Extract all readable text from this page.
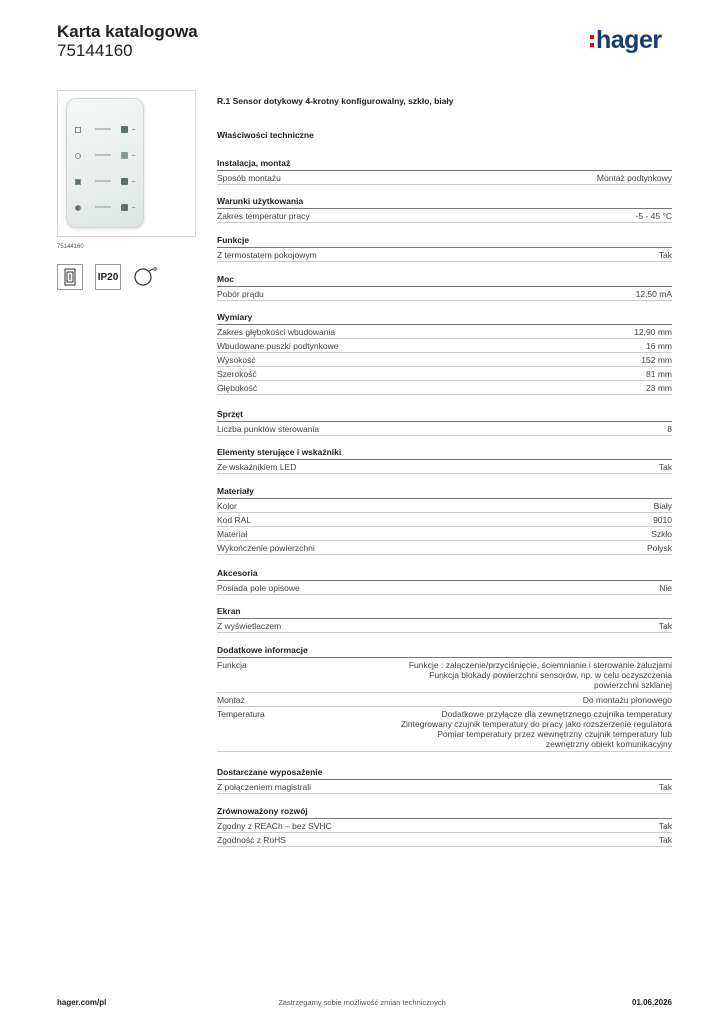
Karta katalogowa
75144160	hager
75144160
IP20
R.1 Sensor dotykowy 4-krotny konfigurowalny, szkło, biały
Właściwości techniczne
Instalacja, montaż
Sposób montażu	Montaż podtynkowy
Warunki użytkowania
Zakres temperatur pracy	-5 - 45 °C
Funkcje
Z termostatem pokojowym	Tak
Moc
Pobór prądu	12,50 mA
Wymiary
Zakres głębokości wbudowania	12,90 mm
Wbudowane puszki podtynkowe	16 mm
Wysokość	152 mm
Szerokość	81 mm
Głębokość	23 mm
Sprzęt
Liczba punktów sterowania	8
Elementy sterujące i wskaźniki
Ze wskaźnikiem LED	Tak
Materiały
Kolor	Biały
Kod RAL	9010
Materiał	Szkło
Wykończenie powierzchni	Połysk
Akcesoria
Posiada pole opisowe	Nie
Ekran
Z wyświetlaczem	Tak
Dodatkowe informacje
Funkcja	Funkcje : załączenie/przyciśnięcie, ściemnianie i sterowanie żaluzjami
Funkcja blokady powierzchni sensorów, np. w celu oczyszczenia
powierzchni szklanej
Montaż	Do montażu pionowego
Temperatura	Dodatkowe przyłącze dla zewnętrznego czujnika temperatury
Zintegrowany czujnik temperatury do pracy jako rozszerzenie regulatora
Pomiar temperatury przez wewnętrzny czujnik temperatury lub
zewnętrzny obiekt komunikacyjny
Dostarczane wyposażenie
Z połączeniem magistrali	Tak
Zrównoważony rozwój
Zgodny z REACh – bez SVHC	Tak
Zgodność z RoHS	Tak
hager.com/pl	Zastrzegamy sobie możliwość zmian technicznych	01.06.2026
